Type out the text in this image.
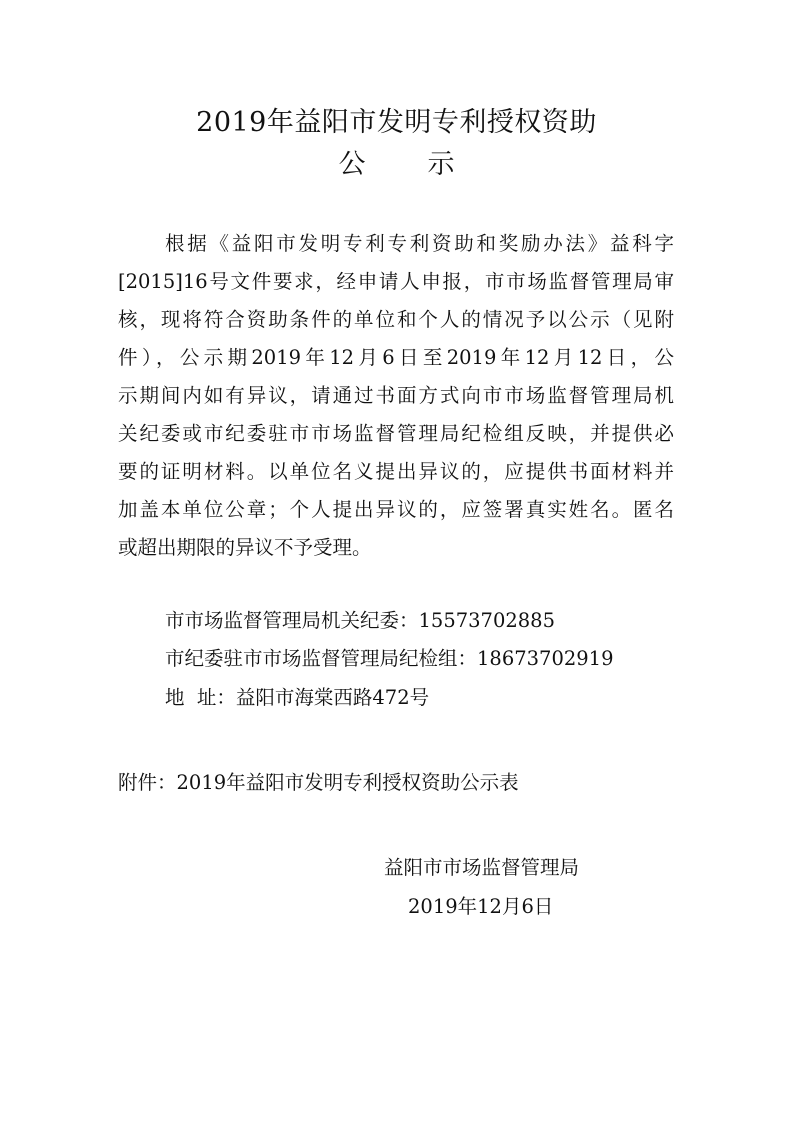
2019年益阳市发明专利授权资助
公 示
根据《益阳市发明专利专利资助和奖励办法》益科字
[2015]16号文件要求，经申请人申报，市市场监督管理局审
核，现将符合资助条件的单位和个人的情况予以公示（见附
件），公示期2019年12月6日至2019年12月12日，公
示期间内如有异议，请通过书面方式向市市场监督管理局机
关纪委或市纪委驻市市场监督管理局纪检组反映，并提供必
要的证明材料。以单位名义提出异议的，应提供书面材料并
加盖本单位公章；个人提出异议的，应签署真实姓名。匿名
或超出期限的异议不予受理。
市市场监督管理局机关纪委：15573702885
市纪委驻市市场监督管理局纪检组：18673702919
地  址：益阳市海棠西路472号
附件：2019年益阳市发明专利授权资助公示表
益阳市市场监督管理局
2019年12月6日
